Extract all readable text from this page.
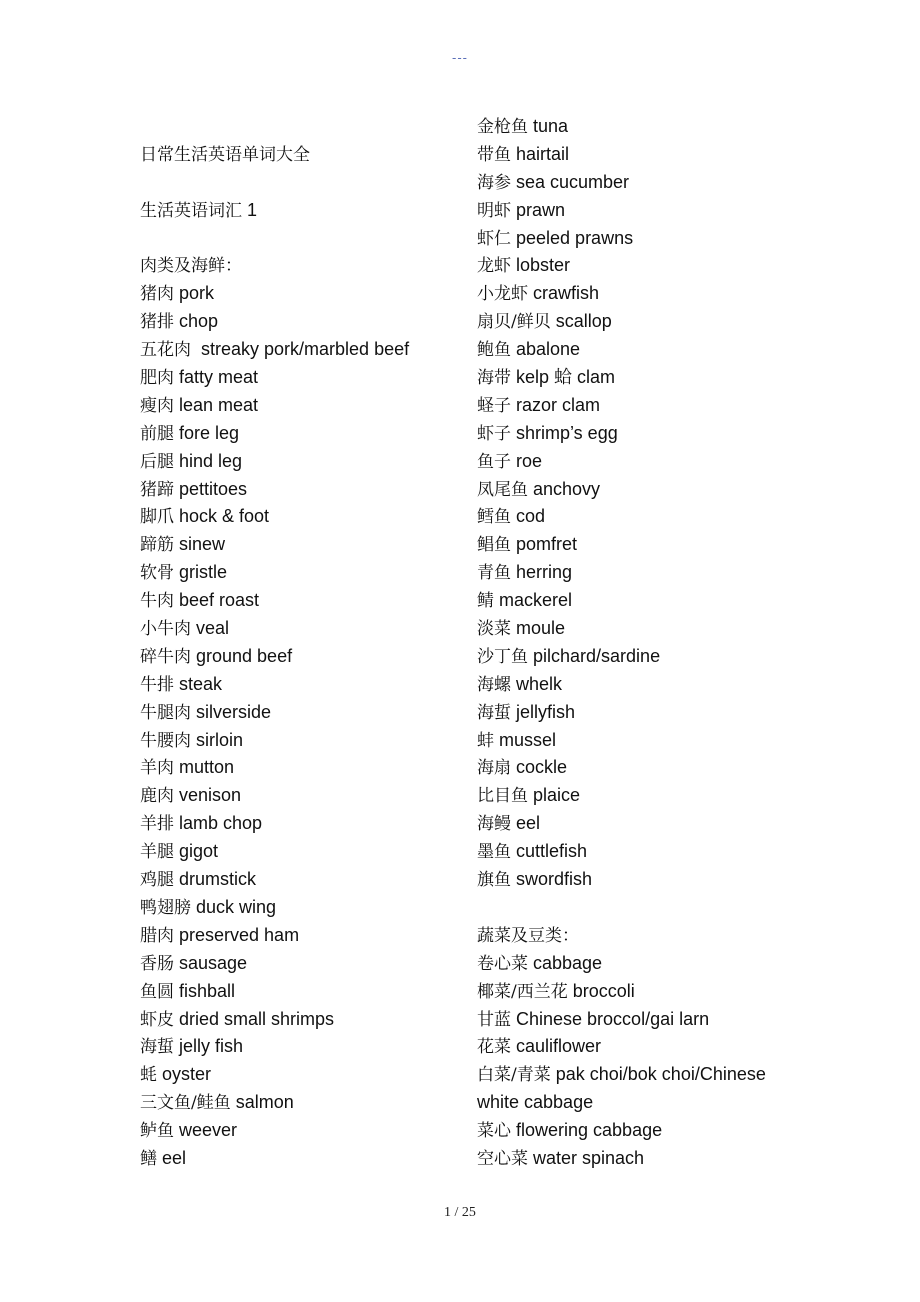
---
日常生活英语单词大全
生活英语词汇 1
肉类及海鲜：
猪肉 pork
猪排 chop
五花肉  streaky pork/marbled beef
肥肉 fatty meat
瘦肉 lean meat
前腿 fore leg
后腿 hind leg
猪蹄 pettitoes
脚爪 hock & foot
蹄筋 sinew
软骨 gristle
牛肉 beef roast
小牛肉 veal
碎牛肉 ground beef
牛排 steak
牛腿肉 silverside
牛腰肉 sirloin
羊肉 mutton
鹿肉 venison
羊排 lamb chop
羊腿 gigot
鸡腿 drumstick
鸭翅膀 duck wing
腊肉 preserved ham
香肠 sausage
鱼圆 fishball
虾皮 dried small shrimps
海蜇 jelly fish
蚝 oyster
三文鱼/鲑鱼 salmon
鲈鱼 weever
鳝 eel
金枪鱼 tuna
带鱼 hairtail
海参 sea cucumber
明虾 prawn
虾仁 peeled prawns
龙虾 lobster
小龙虾 crawfish
扇贝/鲜贝 scallop
鲍鱼 abalone
海带 kelp 蛤 clam
蛏子 razor clam
虾子 shrimp’s egg
鱼子 roe
凤尾鱼 anchovy
鳕鱼 cod
鲳鱼 pomfret
青鱼 herring
鲭 mackerel
淡菜 moule
沙丁鱼 pilchard/sardine
海螺 whelk
海蜇 jellyfish
蚌 mussel
海扇 cockle
比目鱼 plaice
海鳗 eel
墨鱼 cuttlefish
旗鱼 swordfish
蔬菜及豆类：
卷心菜 cabbage
椰菜/西兰花 broccoli
甘蓝 Chinese broccol/gai larn
花菜 cauliflower
白菜/青菜 pak choi/bok choi/Chinese
white cabbage
菜心 flowering cabbage
空心菜 water spinach
1 / 25
